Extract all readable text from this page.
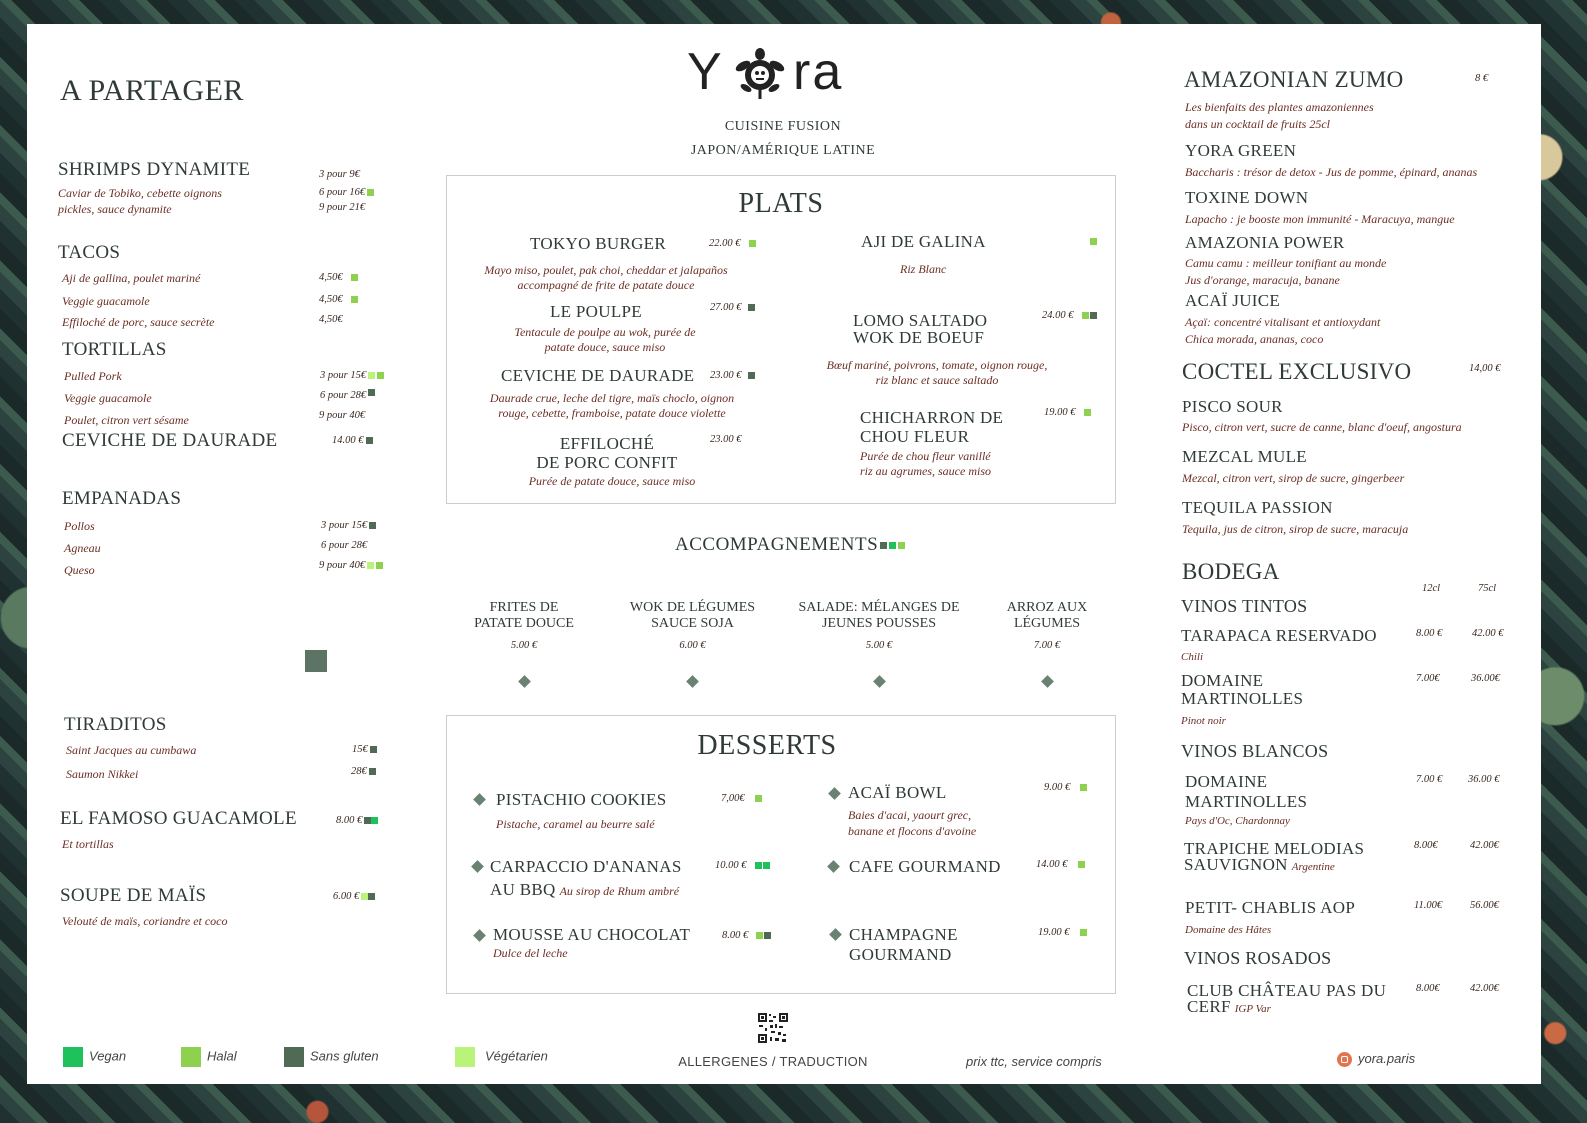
A PARTAGER
SHRIMPS DYNAMITE
Caviar de Tobiko, cebette oignons
pickles, sauce dynamite
3 pour 9€
6 pour 16€
9 pour 21€
TACOS
Aji de gallina, poulet mariné	4,50€
Veggie guacamole	4,50€
Effiloché de porc, sauce secrète	4,50€
TORTILLAS
Pulled Pork	3 pour 15€
Veggie guacamole	6 pour 28€
Poulet, citron vert sésame	9 pour 40€
CEVICHE DE DAURADE	14.00 €
EMPANADAS
Pollos	3 pour 15€
Agneau	6 pour 28€
Queso	9 pour 40€
TIRADITOS
Saint Jacques au cumbawa	15€
Saumon Nikkei	28€
EL FAMOSO GUACAMOLE	8.00 €
Et tortillas
SOUPE DE MAÏS	6.00 €
Velouté de maïs, coriandre et coco
Y ra
CUISINE FUSION
JAPON/AMÉRIQUE LATINE
PLATS
TOKYO BURGER	22.00 €
Mayo miso, poulet, pak choi, cheddar et jalapaños
accompagné de frite de patate douce
LE POULPE	27.00 €
Tentacule de poulpe au wok, purée de
patate douce, sauce miso
CEVICHE DE DAURADE 23.00 €
Daurade crue, leche del tigre, maïs choclo, oignon
rouge, cebette, framboise, patate douce violette
EFFILOCHÉ
DE PORC CONFIT
23.00 €
Purée de patate douce, sauce miso
AJI DE GALINA
Riz Blanc
LOMO SALTADO
WOK DE BOEUF
24.00 €
Bœuf mariné, poivrons, tomate, oignon rouge,
riz blanc et sauce saltado
CHICHARRON DE
CHOU FLEUR
19.00 €
Purée de chou fleur vanillé
riz au agrumes, sauce miso
ACCOMPAGNEMENTS
FRITES DE
PATATE DOUCE
5.00 €
WOK DE LÉGUMES
SAUCE SOJA
6.00 €
SALADE: MÉLANGES DE
JEUNES POUSSES
5.00 €
ARROZ AUX
LÉGUMES
7.00 €
DESSERTS
PISTACHIO COOKIES	7,00€
Pistache, caramel au beurre salé
CARPACCIO D'ANANAS
AU BBQ Au sirop de Rhum ambré
10.00 €
MOUSSE AU CHOCOLAT	8.00 €
Dulce del leche
ACAÏ BOWL	9.00 €
Baies d'acai, yaourt grec,
banane et flocons d'avoine
CAFE GOURMAND	14.00 €
CHAMPAGNE
GOURMAND
19.00 €
AMAZONIAN ZUMO	8 €
Les bienfaits des plantes amazoniennes
dans un cocktail de fruits 25cl
YORA GREEN
Baccharis : trésor de detox - Jus de pomme, épinard, ananas
TOXINE DOWN
Lapacho : je booste mon immunité - Maracuya, mangue
AMAZONIA POWER
Camu camu : meilleur tonifiant au monde
Jus d'orange, maracuja, banane
ACAÏ JUICE
Açaï: concentré vitalisant et antioxydant
Chica morada, ananas, coco
COCTEL EXCLUSIVO	14,00 €
PISCO SOUR
Pisco, citron vert, sucre de canne, blanc d'oeuf, angostura
MEZCAL MULE
Mezcal, citron vert, sirop de sucre, gingerbeer
TEQUILA PASSION
Tequila, jus de citron, sirop de sucre, maracuja
BODEGA
12cl	75cl
VINOS TINTOS
TARAPACA RESERVADO	8.00 €	42.00 €
Chili
DOMAINE
MARTINOLLES
7.00€	36.00€
Pinot noir
VINOS BLANCOS
DOMAINE
MARTINOLLES
7.00 € 36.00 €
Pays d'Oc, Chardonnay
TRAPICHE MELODIAS
SAUVIGNON Argentine
8.00€	42.00€
PETIT- CHABLIS AOP	11.00€	56.00€
Domaine des Hâtes
VINOS ROSADOS
CLUB CHÂTEAU PAS DU
CERF IGP Var
8.00€	42.00€
Vegan	Halal	Sans gluten	Végétarien	ALLERGENES / TRADUCTION	prix ttc, service compris	yora.paris
